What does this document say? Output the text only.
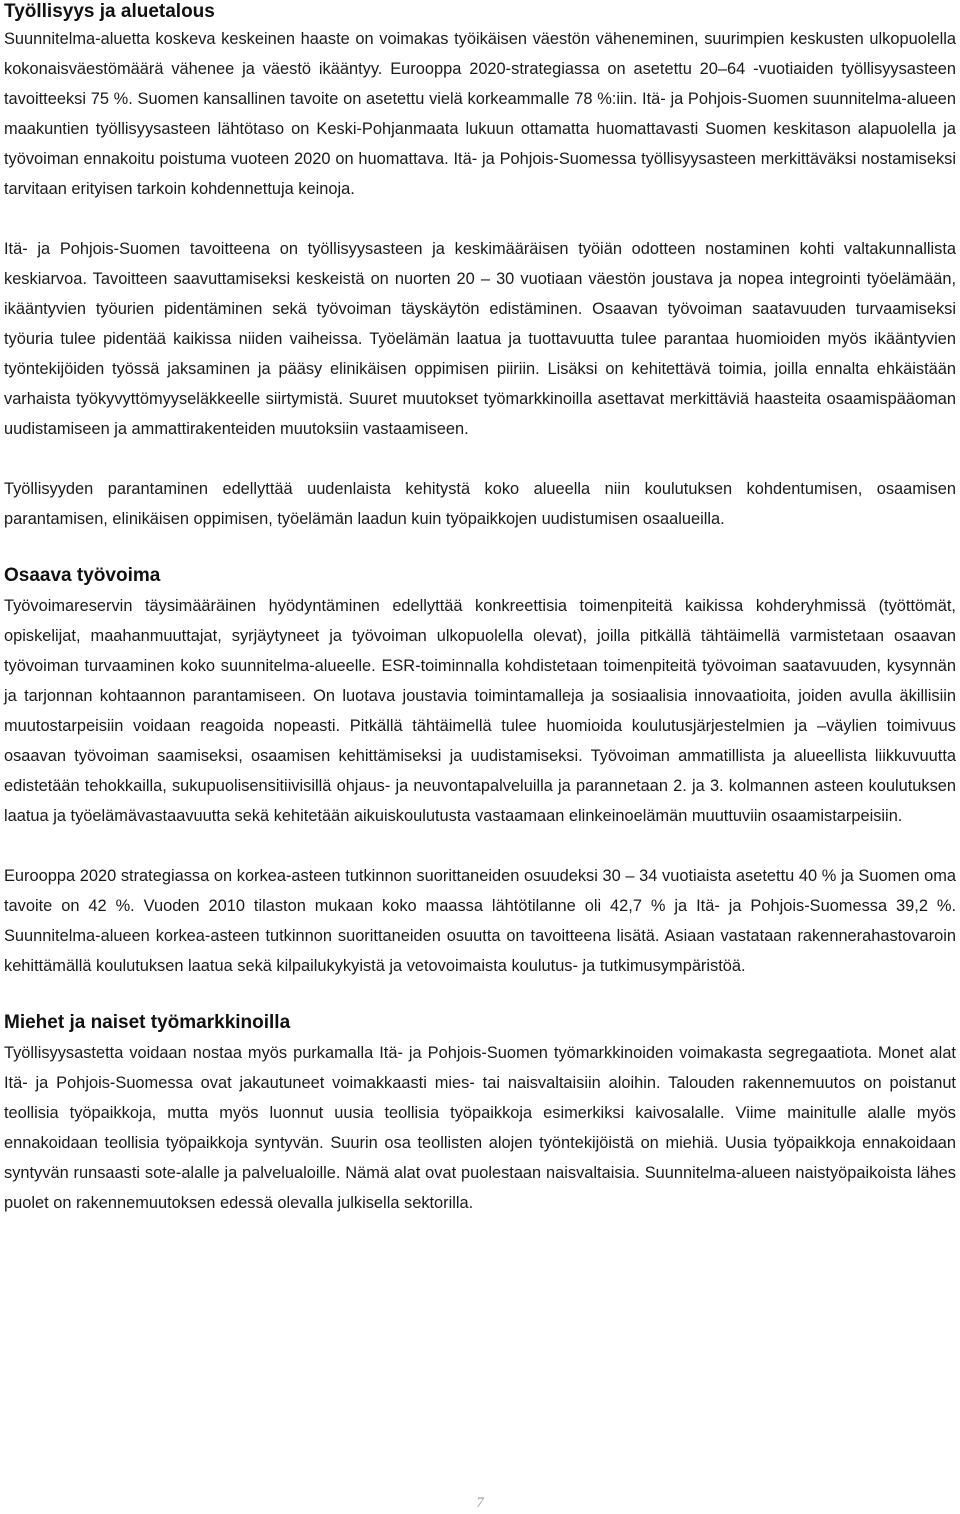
Työllisyys ja aluetalous

Suunnitelma-aluetta koskeva keskeinen haaste on voimakas työikäisen väestön väheneminen, suurimpien keskusten ulkopuolella kokonaisväestömäärä vähenee ja väestö ikääntyy. Eurooppa 2020-strategiassa on asetettu 20–64 -vuotiaiden työllisyysasteen tavoitteeksi 75 %. Suomen kansallinen tavoite on asetettu vielä korkeammalle 78 %:iin. Itä- ja Pohjois-Suomen suunnitelma-alueen maakuntien työllisyysasteen lähtötaso on Keski-Pohjanmaata lukuun ottamatta huomattavasti Suomen keskitason alapuolella ja työvoiman ennakoitu poistuma vuoteen 2020 on huomattava. Itä- ja Pohjois-Suomessa työllisyysasteen merkittäväksi nostamiseksi tarvitaan erityisen tarkoin kohdennettuja keinoja.

Itä- ja Pohjois-Suomen tavoitteena on työllisyysasteen ja keskimääräisen työiän odotteen nostaminen kohti valtakunnallista keskiarvoa. Tavoitteen saavuttamiseksi keskeistä on nuorten 20 – 30 vuotiaan väestön joustava ja nopea integrointi työelämään, ikääntyvien työurien pidentäminen sekä työvoiman täyskäytön edistäminen. Osaavan työvoiman saatavuuden turvaamiseksi työuria tulee pidentää kaikissa niiden vaiheissa. Työelämän laatua ja tuottavuutta tulee parantaa huomioiden myös ikääntyvien työntekijöiden työssä jaksaminen ja pääsy elinikäisen oppimisen piiriin. Lisäksi on kehitettävä toimia, joilla ennalta ehkäistään varhaista työkyvyttömyyseläkkeelle siirtymistä. Suuret muutokset työmarkkinoilla asettavat merkittäviä haasteita osaamispääoman uudistamiseen ja ammattirakenteiden muutoksiin vastaamiseen.

Työllisyyden parantaminen edellyttää uudenlaista kehitystä koko alueella niin koulutuksen kohdentumisen, osaamisen parantamisen, elinikäisen oppimisen, työelämän laadun kuin työpaikkojen uudistumisen osaalueilla.

Osaava työvoima

Työvoimareservin täysimääräinen hyödyntäminen edellyttää konkreettisia toimenpiteitä kaikissa kohderyhmissä (työttömät, opiskelijat, maahanmuuttajat, syrjäytyneet ja työvoiman ulkopuolella olevat), joilla pitkällä tähtäimellä varmistetaan osaavan työvoiman turvaaminen koko suunnitelma-alueelle. ESR-toiminnalla kohdistetaan toimenpiteitä työvoiman saatavuuden, kysynnän ja tarjonnan kohtaannon parantamiseen. On luotava joustavia toimintamalleja ja sosiaalisia innovaatioita, joiden avulla äkillisiin muutostarpeisiin voidaan reagoida nopeasti. Pitkällä tähtäimellä tulee huomioida koulutusjärjestelmien ja –väylien toimivuus osaavan työvoiman saamiseksi, osaamisen kehittämiseksi ja uudistamiseksi. Työvoiman ammatillista ja alueellista liikkuvuutta edistetään tehokkailla, sukupuolisensitiivisillä ohjaus- ja neuvontapalveluilla ja parannetaan 2. ja 3. kolmannen asteen koulutuksen laatua ja työelämävastaavuutta sekä kehitetään aikuiskoulutusta vastaamaan elinkeinoelämän muuttuviin osaamistarpeisiin.

Eurooppa 2020 strategiassa on korkea-asteen tutkinnon suorittaneiden osuudeksi 30 – 34 vuotiaista asetettu 40 % ja Suomen oma tavoite on 42 %. Vuoden 2010 tilaston mukaan koko maassa lähtötilanne oli 42,7 % ja Itä- ja Pohjois-Suomessa 39,2 %. Suunnitelma-alueen korkea-asteen tutkinnon suorittaneiden osuutta on tavoitteena lisätä. Asiaan vastataan rakennerahastovaroin kehittämällä koulutuksen laatua sekä kilpailukykyistä ja vetovoimaista koulutus- ja tutkimusympäristöä.

Miehet ja naiset työmarkkinoilla

Työllisyysastetta voidaan nostaa myös purkamalla Itä- ja Pohjois-Suomen työmarkkinoiden voimakasta segregaatiota. Monet alat Itä- ja Pohjois-Suomessa ovat jakautuneet voimakkaasti mies- tai naisvaltaisiin aloihin. Talouden rakennemuutos on poistanut teollisia työpaikkoja, mutta myös luonnut uusia teollisia työpaikkoja esimerkiksi kaivosalalle. Viime mainitulle alalle myös ennakoidaan teollisia työpaikkoja syntyvän. Suurin osa teollisten alojen työntekijöistä on miehiä. Uusia työpaikkoja ennakoidaan syntyvän runsaasti sote-alalle ja palvelualoille. Nämä alat ovat puolestaan naisvaltaisia. Suunnitelma-alueen naistyöpaikoista lähes puolet on rakennemuutoksen edessä olevalla julkisella sektorilla.

7
